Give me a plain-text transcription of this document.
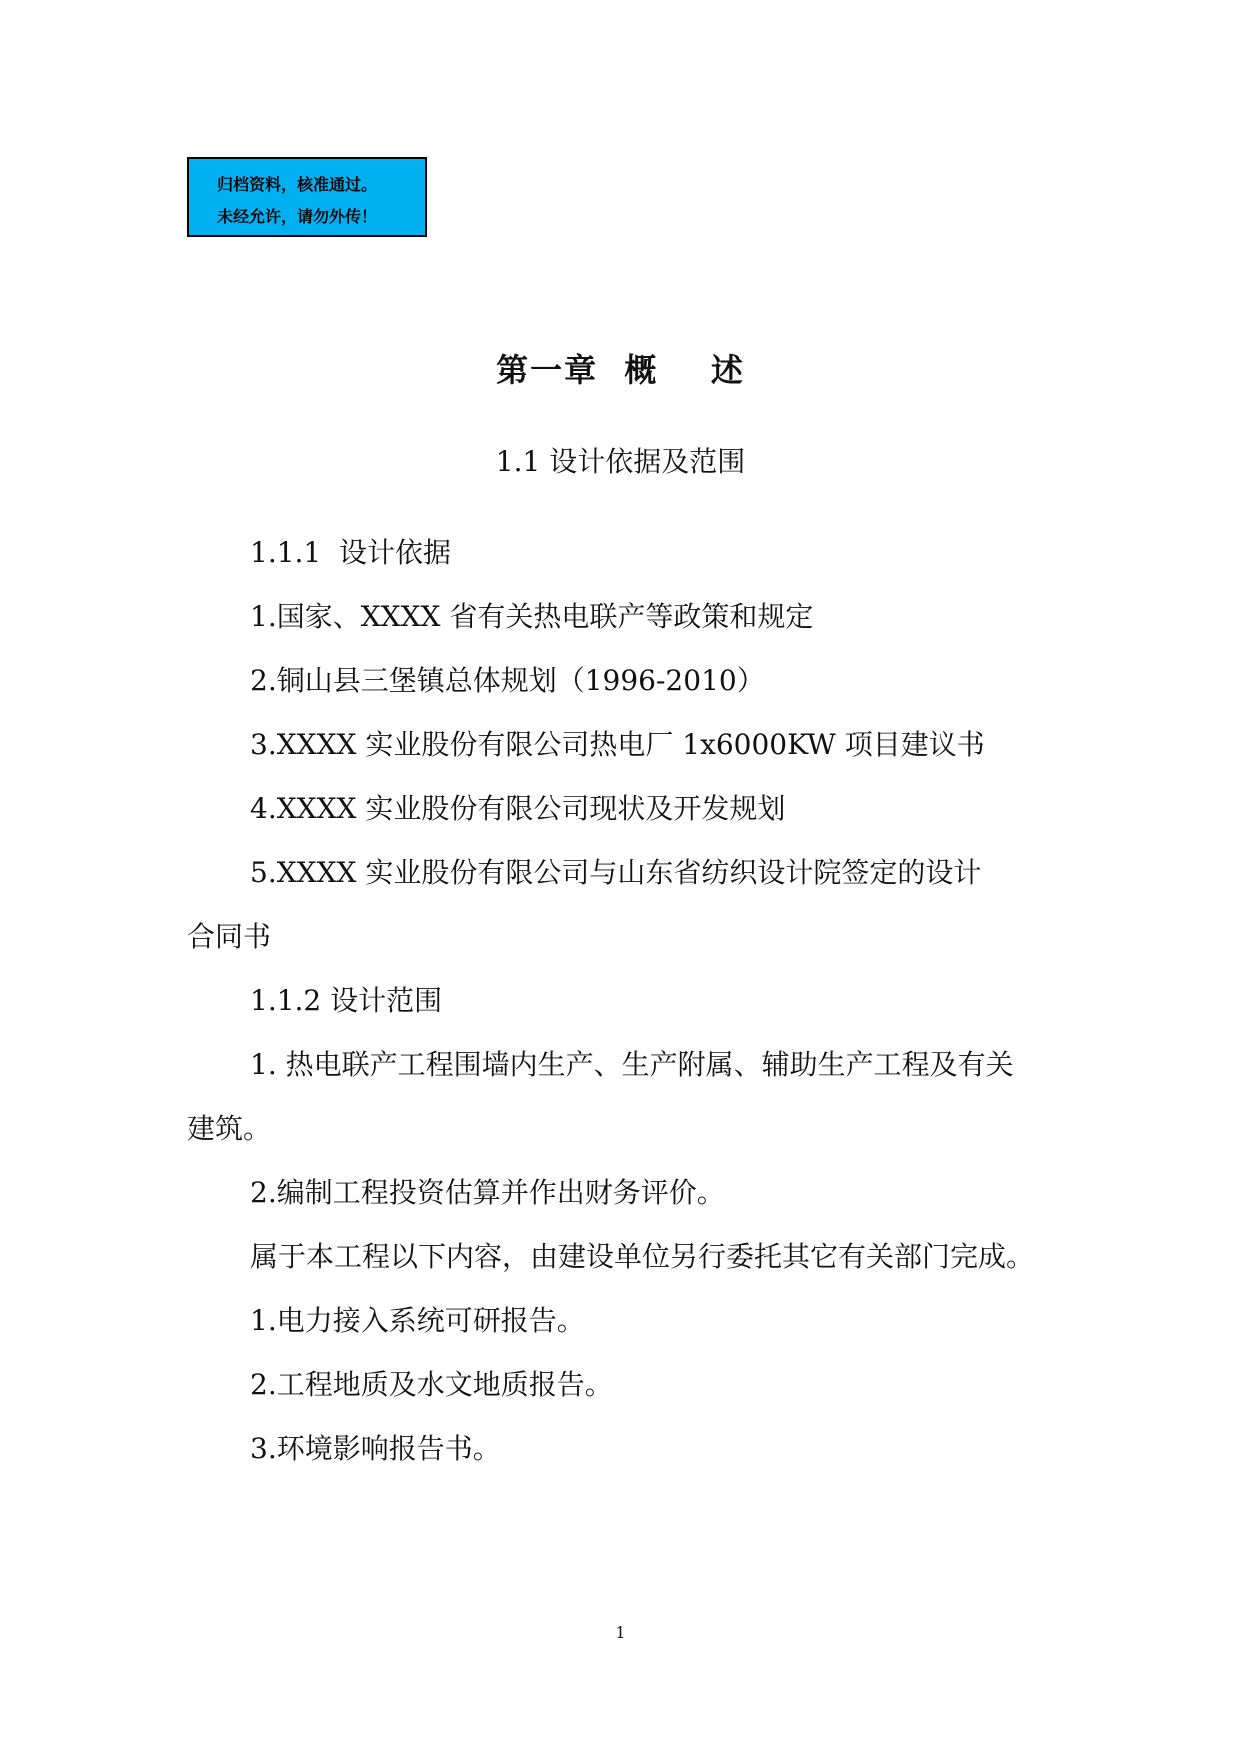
归档资料，核准通过。
未经允许，请勿外传！
第一章  概    述
1.1 设计依据及范围
1.1.1  设计依据
1.国家、XXXX 省有关热电联产等政策和规定
2.铜山县三堡镇总体规划（1996-2010）
3.XXXX 实业股份有限公司热电厂 1x6000KW 项目建议书
4.XXXX 实业股份有限公司现状及开发规划
5.XXXX 实业股份有限公司与山东省纺织设计院签定的设计
合同书
1.1.2 设计范围
1. 热电联产工程围墙内生产、生产附属、辅助生产工程及有关
建筑。
2.编制工程投资估算并作出财务评价。
属于本工程以下内容，由建设单位另行委托其它有关部门完成。
1.电力接入系统可研报告。
2.工程地质及水文地质报告。
3.环境影响报告书。
1
